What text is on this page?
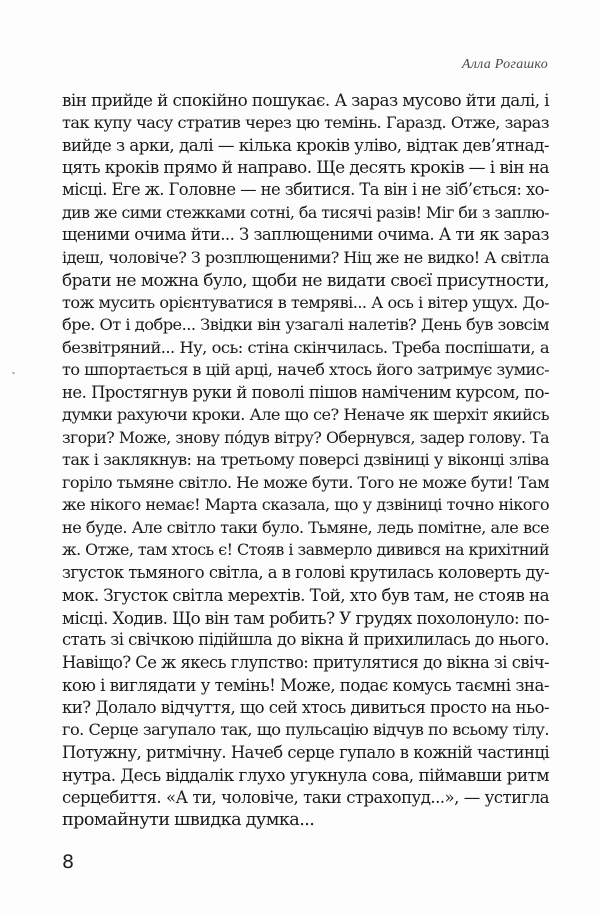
Алла Рогашко
він прийде й спокійно пошукає. А зараз мусово йти далі, і
так купу часу стратив через цю темінь. Гаразд. Отже, зараз
вийде з арки, далі — кілька кроків уліво, відтак дев’ятнад-
цять кроків прямо й направо. Ще десять кроків — і він на
місці. Еге ж. Головне — не збитися. Та він і не зіб’ється: хо-
див же сими стежками сотні, ба тисячі разів! Міг би з заплю-
щеними очима йти... З заплющеними очима. А ти як зараз
ідеш, чоловіче? З розплющеними? Ніц же не видко! А світла
брати не можна було, щоби не видати своєї присутности,
тож мусить орієнтуватися в темряві... А ось і вітер ущух. До-
бре. От і добре... Звідки він узагалі налетів? День був зовсім
безвітряний... Ну, ось: стіна скінчилась. Треба поспішати, а
то шпортається в цій арці, начеб хтось його затримує зумис-
не. Простягнув руки й поволі пішов наміченим курсом, по-
думки рахуючи кроки. Але що се? Неначе як шерхіт якийсь
згори? Може, знову пóдув вітру? Обернувся, задер голову. Та
так і заклякнув: на третьому поверсі дзвіниці у віконці зліва
горіло тьмяне світло. Не може бути. Того не може бути! Там
же нікого немає! Марта сказала, що у дзвіниці точно нікого
не буде. Але світло таки було. Тьмяне, ледь помітне, але все
ж. Отже, там хтось є! Стояв і завмерло дивився на крихітний
згусток тьмяного світла, а в голові крутилась коловерть ду-
мок. Згусток світла мерехтів. Той, хто був там, не стояв на
місці. Ходив. Що він там робить? У грудях похолонуло: по-
стать зі свічкою підійшла до вікна й прихилилась до нього.
Навіщо? Се ж якесь глупство: притулятися до вікна зі свіч-
кою і виглядати у темінь! Може, подає комусь таємні зна-
ки? Долало відчуття, що сей хтось дивиться просто на ньо-
го. Серце загупало так, що пульсацію відчув по всьому тілу.
Потужну, ритмічну. Начеб серце гупало в кожній частинці
нутра. Десь віддалік глухо угукнула сова, піймавши ритм
серцебиття. «А ти, чоловіче, таки страхопуд...», — устигла
промайнути швидка думка...
8
